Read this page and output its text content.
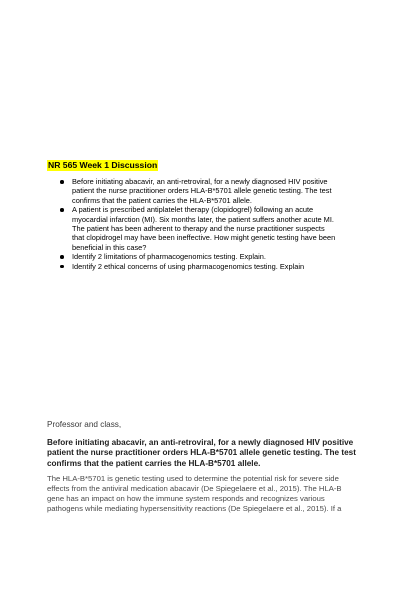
NR 565 Week 1 Discussion
Before initiating abacavir, an anti-retroviral, for a newly diagnosed HIV positive
patient the nurse practitioner orders HLA-B*5701 allele genetic testing. The test
confirms that the patient carries the HLA-B*5701 allele.
A patient is prescribed antiplatelet therapy (clopidogrel) following an acute
myocardial infarction (MI). Six months later, the patient suffers another acute MI.
The patient has been adherent to therapy and the nurse practitioner suspects
that clopidrogel may have been ineffective. How might genetic testing have been
beneficial in this case?
Identify 2 limitations of pharmacogenomics testing. Explain.
Identify 2 ethical concerns of using pharmacogenomics testing. Explain
Professor and class,
Before initiating abacavir, an anti-retroviral, for a newly diagnosed HIV positive
patient the nurse practitioner orders HLA-B*5701 allele genetic testing. The test
confirms that the patient carries the HLA-B*5701 allele.
The HLA-B*5701 is genetic testing used to determine the potential risk for severe side
effects from the antiviral medication abacavir (De Spiegelaere et al., 2015). The HLA-B
gene has an impact on how the immune system responds and recognizes various
pathogens while mediating hypersensitivity reactions (De Spiegelaere et al., 2015). If a
